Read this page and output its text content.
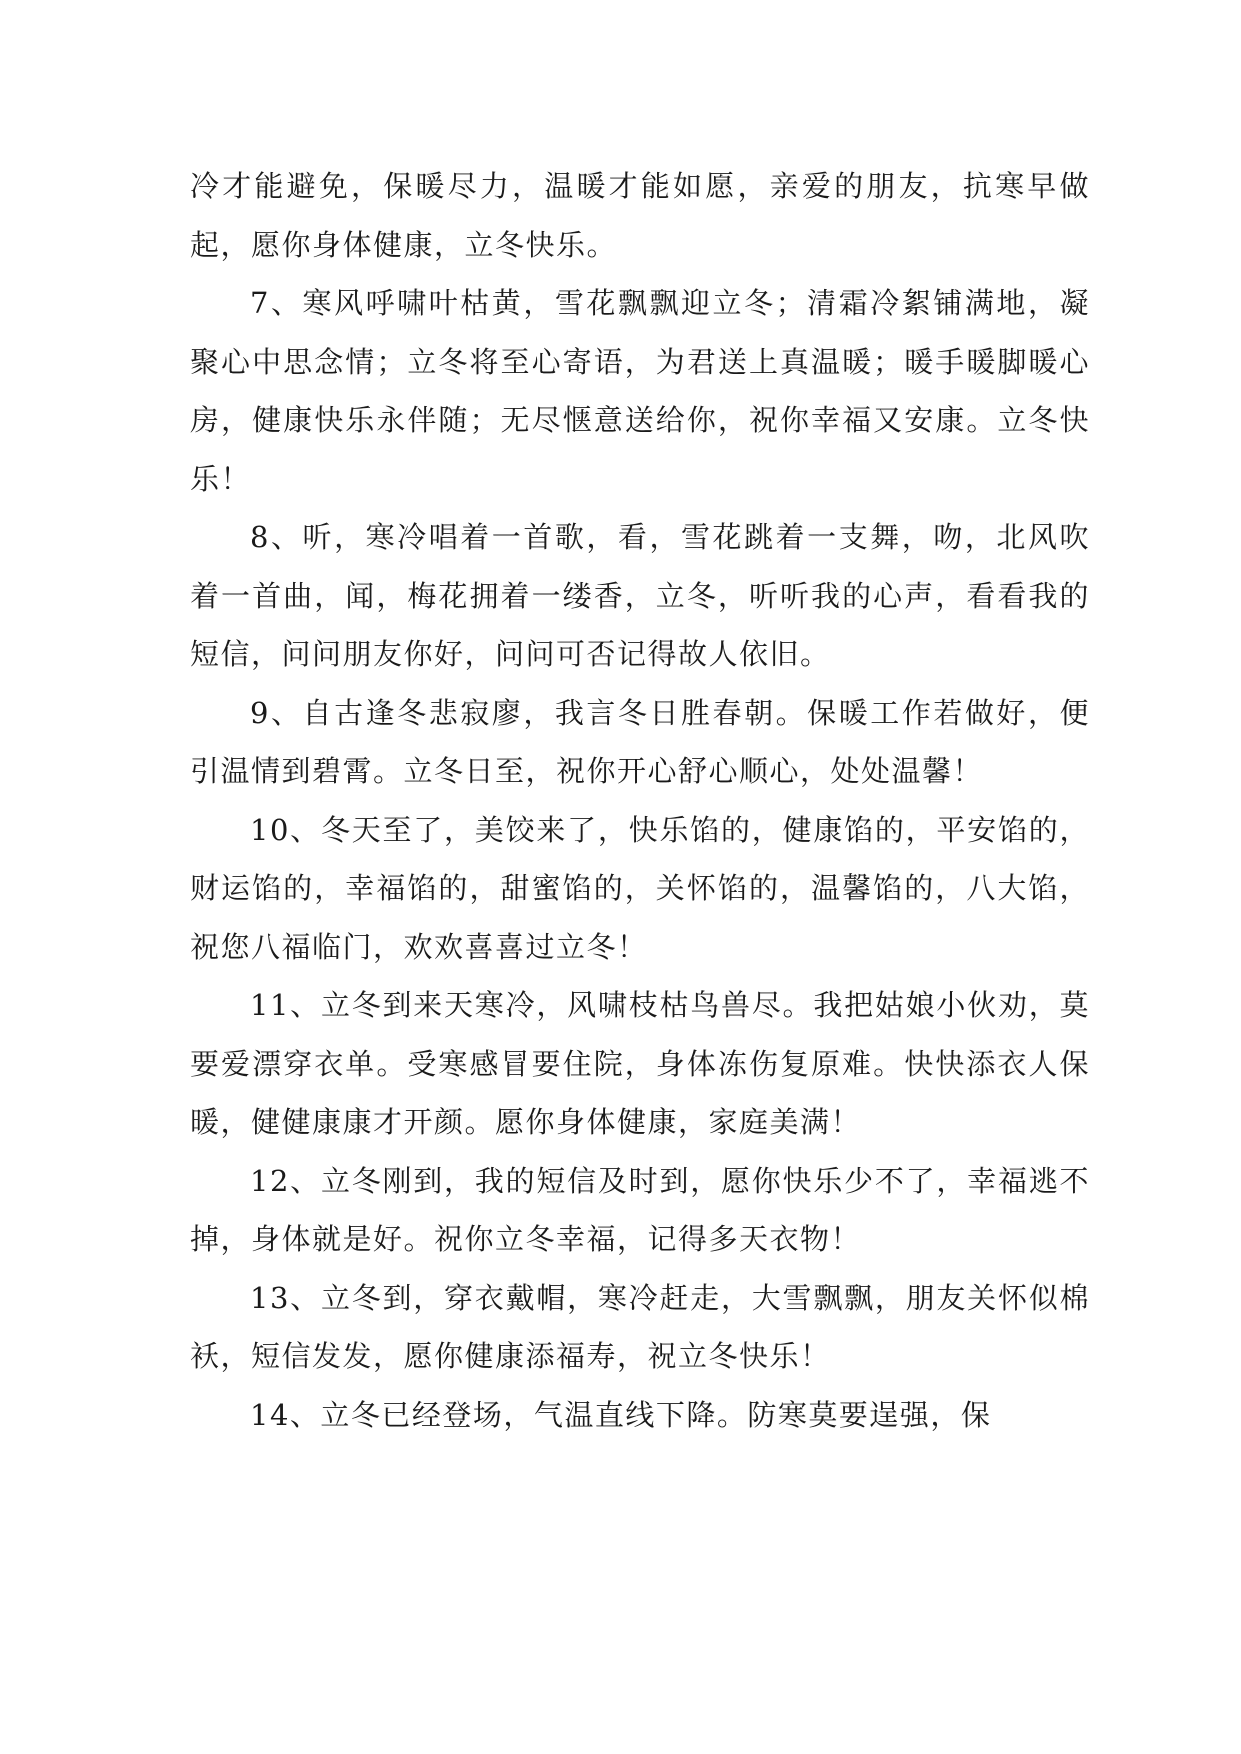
冷才能避免，保暖尽力，温暖才能如愿，亲爱的朋友，抗寒早做起，愿你身体健康，立冬快乐。

7、寒风呼啸叶枯黄，雪花飘飘迎立冬；清霜冷絮铺满地，凝聚心中思念情；立冬将至心寄语，为君送上真温暖；暖手暖脚暖心房，健康快乐永伴随；无尽惬意送给你，祝你幸福又安康。立冬快乐！

8、听，寒冷唱着一首歌，看，雪花跳着一支舞，吻，北风吹着一首曲，闻，梅花拥着一缕香，立冬，听听我的心声，看看我的短信，问问朋友你好，问问可否记得故人依旧。

9、自古逢冬悲寂廖，我言冬日胜春朝。保暖工作若做好，便引温情到碧霄。立冬日至，祝你开心舒心顺心，处处温馨！

10、冬天至了，美饺来了，快乐馅的，健康馅的，平安馅的，财运馅的，幸福馅的，甜蜜馅的，关怀馅的，温馨馅的，八大馅，祝您八福临门，欢欢喜喜过立冬！

11、立冬到来天寒冷，风啸枝枯鸟兽尽。我把姑娘小伙劝，莫要爱漂穿衣单。受寒感冒要住院，身体冻伤复原难。快快添衣人保暖，健健康康才开颜。愿你身体健康，家庭美满！

12、立冬刚到，我的短信及时到，愿你快乐少不了，幸福逃不掉，身体就是好。祝你立冬幸福，记得多天衣物！

13、立冬到，穿衣戴帽，寒冷赶走，大雪飘飘，朋友关怀似棉袄，短信发发，愿你健康添福寿，祝立冬快乐！

14、立冬已经登场，气温直线下降。防寒莫要逞强，保
